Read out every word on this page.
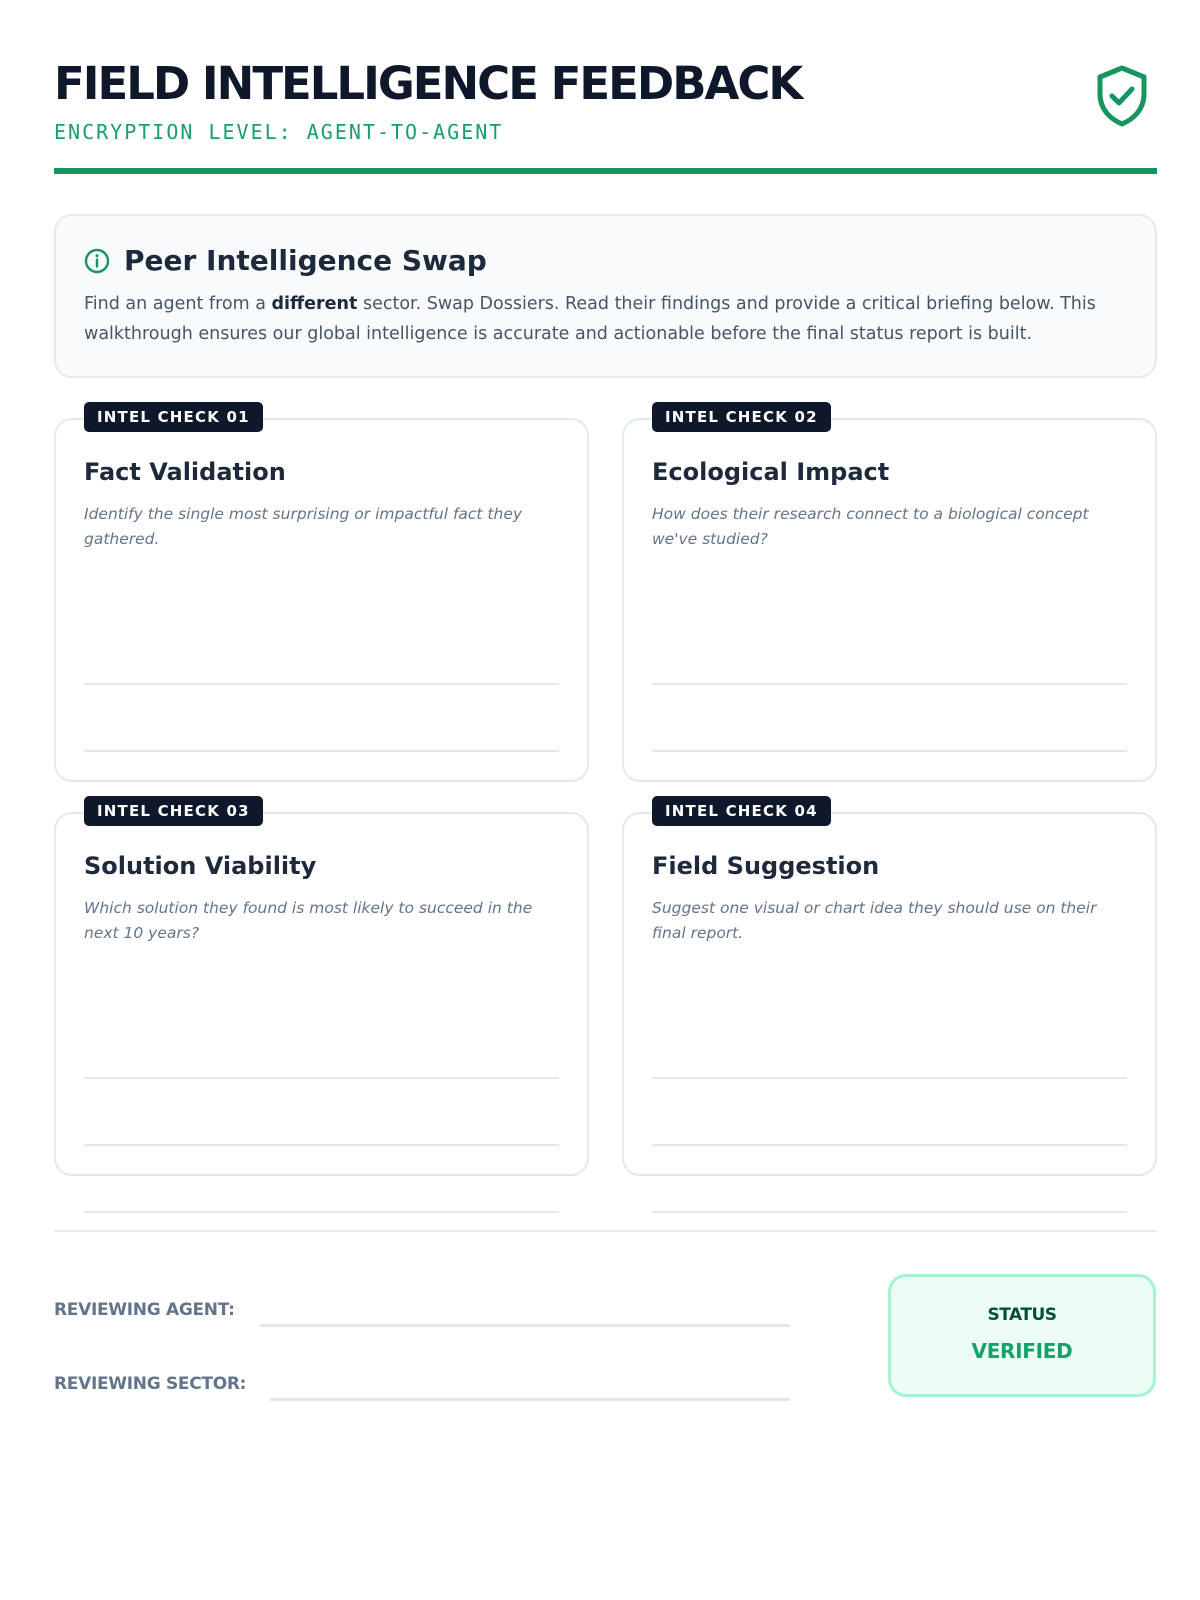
FIELD INTELLIGENCE FEEDBACK
ENCRYPTION LEVEL: AGENT-TO-AGENT
Peer Intelligence Swap
Find an agent from a different sector. Swap Dossiers. Read their findings and provide a critical briefing below. This walkthrough ensures our global intelligence is accurate and actionable before the final status report is built.
INTEL CHECK 01
Fact Validation
Identify the single most surprising or impactful fact they gathered.
INTEL CHECK 02
Ecological Impact
How does their research connect to a biological concept we've studied?
INTEL CHECK 03
Solution Viability
Which solution they found is most likely to succeed in the next 10 years?
INTEL CHECK 04
Field Suggestion
Suggest one visual or chart idea they should use on their final report.
REVIEWING AGENT:
REVIEWING SECTOR:
STATUS
VERIFIED
